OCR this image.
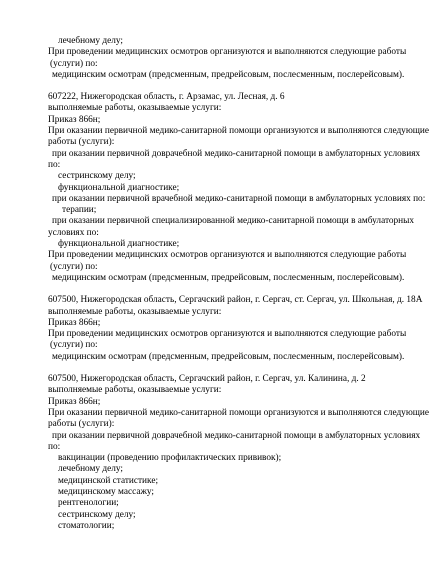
лечебному делу;
При проведении медицинских осмотров организуются и выполняются следующие работы
(услуги) по:
медицинским осмотрам (предсменным, предрейсовым, послесменным, послерейсовым).
607222, Нижегородская область, г. Арзамас, ул. Лесная, д. 6
выполняемые работы, оказываемые услуги:
Приказ 866н;
При оказании первичной медико-санитарной помощи организуются и выполняются следующие
работы (услуги):
при оказании первичной доврачебной медико-санитарной помощи в амбулаторных условиях
по:
сестринскому делу;
функциональной диагностике;
при оказании первичной врачебной медико-санитарной помощи в амбулаторных условиях по:
терапии;
при оказании первичной специализированной медико-санитарной помощи в амбулаторных
условиях по:
функциональной диагностике;
При проведении медицинских осмотров организуются и выполняются следующие работы
(услуги) по:
медицинским осмотрам (предсменным, предрейсовым, послесменным, послерейсовым).
607500, Нижегородская область, Сергачский район, г. Сергач, ст. Сергач, ул. Школьная, д. 18А
выполняемые работы, оказываемые услуги:
Приказ 866н;
При проведении медицинских осмотров организуются и выполняются следующие работы
(услуги) по:
медицинским осмотрам (предсменным, предрейсовым, послесменным, послерейсовым).
607500, Нижегородская область, Сергачский район, г. Сергач, ул. Калинина, д. 2
выполняемые работы, оказываемые услуги:
Приказ 866н;
При оказании первичной медико-санитарной помощи организуются и выполняются следующие
работы (услуги):
при оказании первичной доврачебной медико-санитарной помощи в амбулаторных условиях
по:
вакцинации (проведению профилактических прививок);
лечебному делу;
медицинской статистике;
медицинскому массажу;
рентгенологии;
сестринскому делу;
стоматологии;
